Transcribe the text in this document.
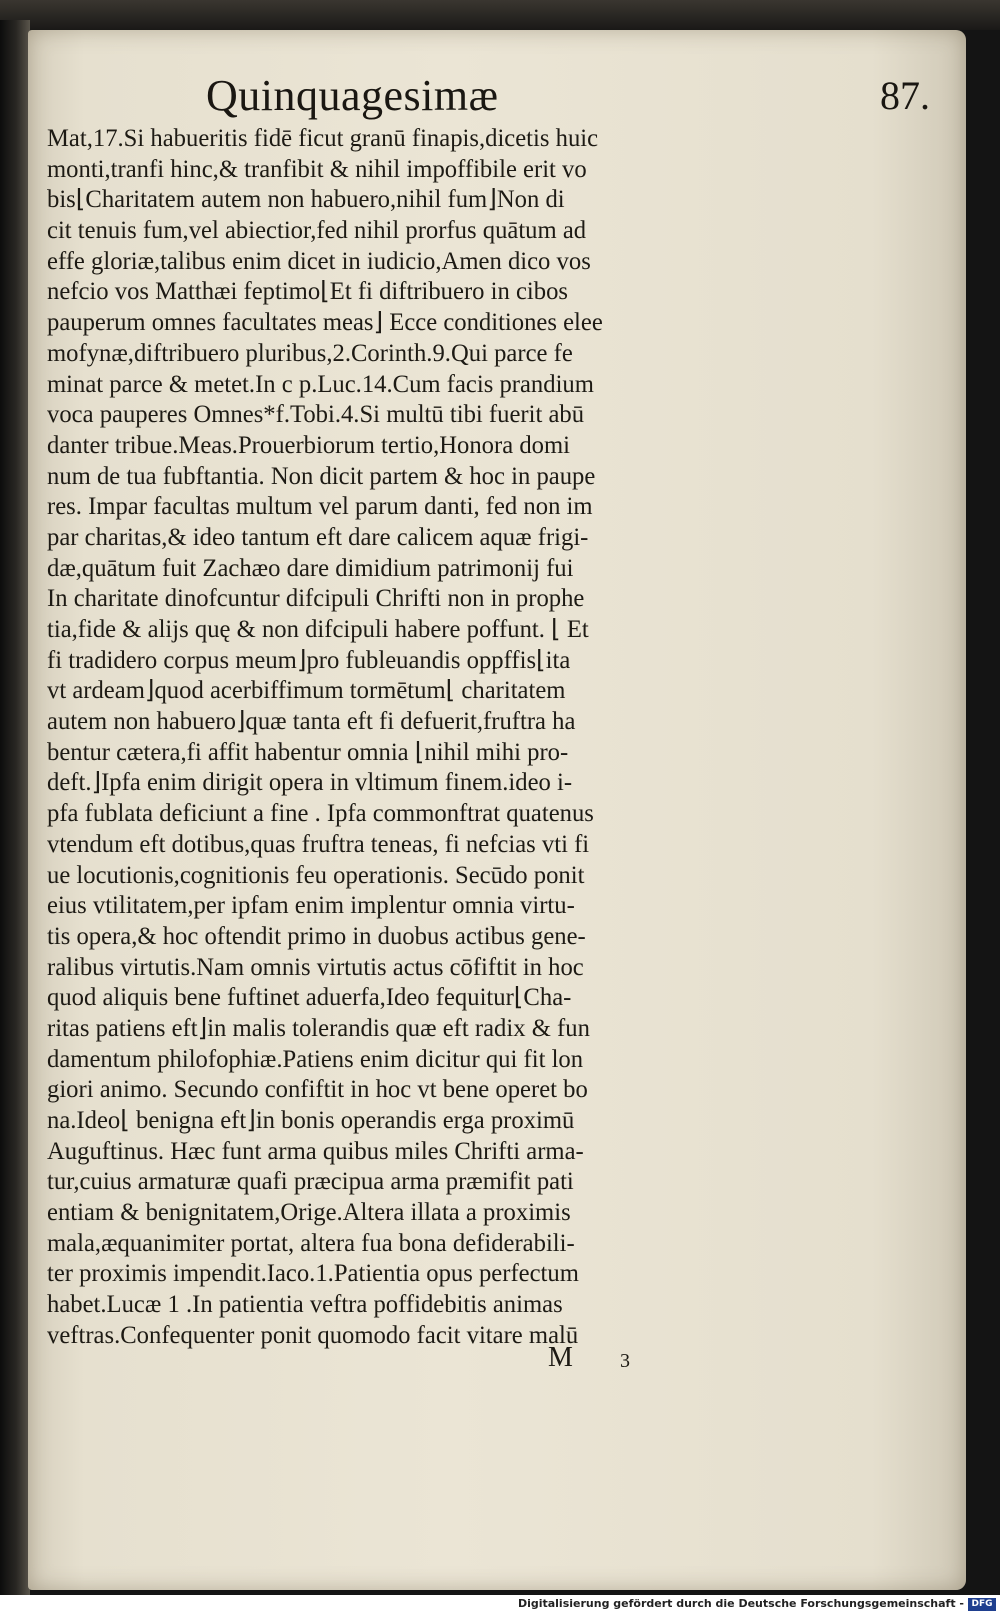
Quinquagesimæ	87.
Mat,17.Si habueritis fidē ficut granū finapis,dicetis huic
monti,tranfi hinc,& tranfibit & nihil impoffibile erit vo
bis⌊Charitatem autem non habuero,nihil fum⌋Non di
cit tenuis fum,vel abiectior,fed nihil prorfus quātum ad
effe gloriæ,talibus enim dicet in iudicio,Amen dico vos
nefcio vos Matthæi feptimo⌊Et fi diftribuero in cibos
pauperum omnes facultates meas⌋ Ecce conditiones elee
mofynæ,diftribuero pluribus,2.Corinth.9.Qui parce fe
minat parce & metet.In c p.Luc.14.Cum facis prandium
voca pauperes Omnes*f.Tobi.4.Si multū tibi fuerit abū
danter tribue.Meas.Prouerbiorum tertio,Honora domi
num de tua fubftantia. Non dicit partem & hoc in paupe
res. Impar facultas multum vel parum danti, fed non im
par charitas,& ideo tantum eft dare calicem aquæ frigi-
dæ,quātum fuit Zachæo dare dimidium patrimonij fui
In charitate dinofcuntur difcipuli Chrifti non in prophe
tia,fide & alijs quę & non difcipuli habere poffunt. ⌊ Et
fi tradidero corpus meum⌋pro fubleuandis oppffis⌊ita
vt ardeam⌋quod acerbiffimum tormētum⌊ charitatem
autem non habuero⌋quæ tanta eft fi defuerit,fruftra ha
bentur cætera,fi affit habentur omnia ⌊nihil mihi pro-
deft.⌋Ipfa enim dirigit opera in vltimum finem.ideo i-
pfa fublata deficiunt a fine . Ipfa commonftrat quatenus
vtendum eft dotibus,quas fruftra teneas, fi nefcias vti fi
ue locutionis,cognitionis feu operationis. Secūdo ponit
eius vtilitatem,per ipfam enim implentur omnia virtu-
tis opera,& hoc oftendit primo in duobus actibus gene-
ralibus virtutis.Nam omnis virtutis actus cōfiftit in hoc
quod aliquis bene fuftinet aduerfa,Ideo fequitur⌊Cha-
ritas patiens eft⌋in malis tolerandis quæ eft radix & fun
damentum philofophiæ.Patiens enim dicitur qui fit lon
giori animo. Secundo confiftit in hoc vt bene operet bo
na.Ideo⌊ benigna eft⌋in bonis operandis erga proximū
Auguftinus. Hæc funt arma quibus miles Chrifti arma-
tur,cuius armaturæ quafi præcipua arma præmifit pati
entiam & benignitatem,Orige.Altera illata a proximis
mala,æquanimiter portat, altera fua bona defiderabili-
ter proximis impendit.Iaco.1.Patientia opus perfectum
habet.Lucæ 1 .In patientia veftra poffidebitis animas
veftras.Confequenter ponit quomodo facit vitare malū
M 3
Digitalisierung gefördert durch die Deutsche Forschungsgemeinschaft - DFG
